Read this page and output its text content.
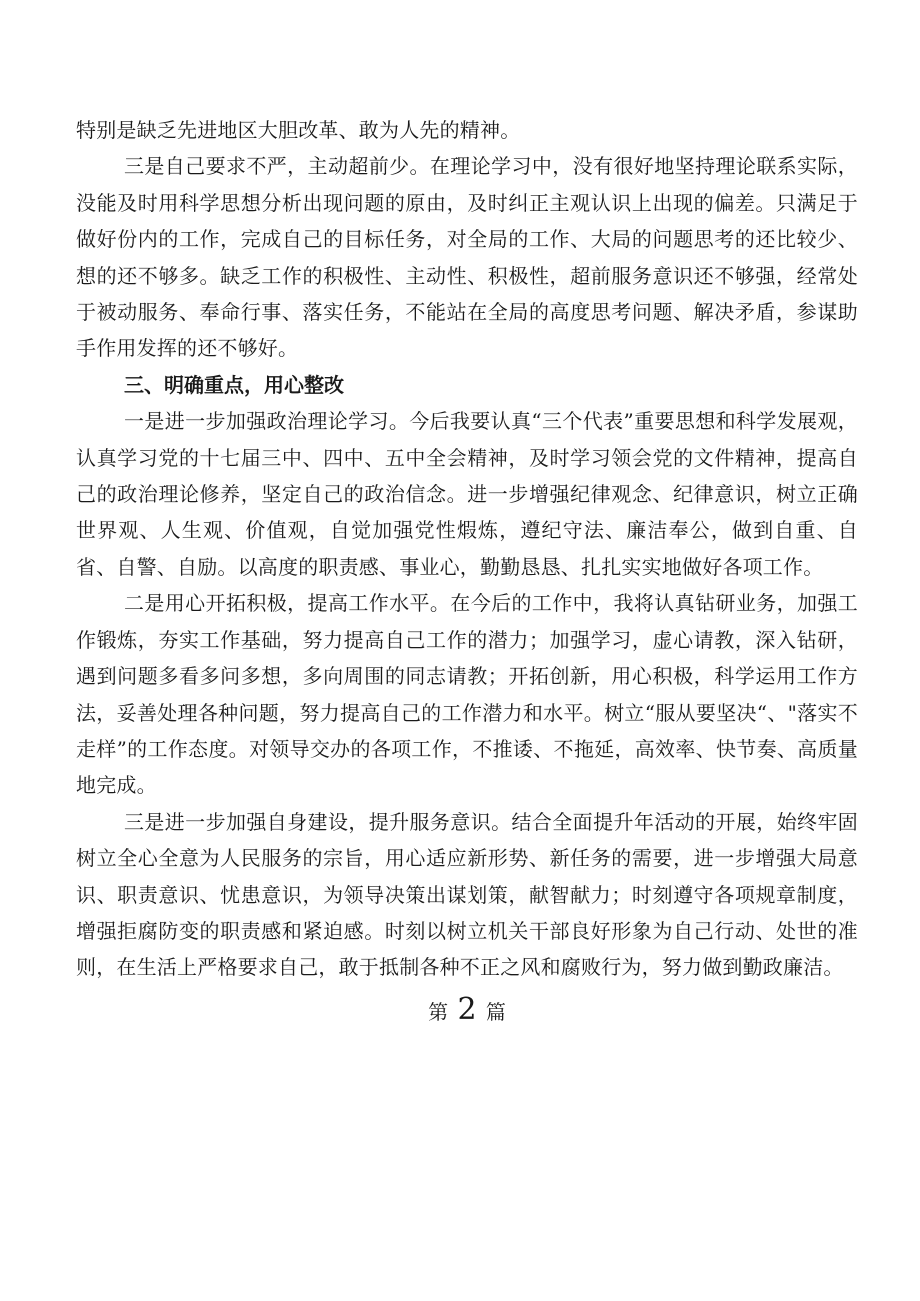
特别是缺乏先进地区大胆改革、敢为人先的精神。

三是自己要求不严，主动超前少。在理论学习中，没有很好地坚持理论联系实际，没能及时用科学思想分析出现问题的原由，及时纠正主观认识上出现的偏差。只满足于做好份内的工作，完成自己的目标任务，对全局的工作、大局的问题思考的还比较少、想的还不够多。缺乏工作的积极性、主动性、积极性，超前服务意识还不够强，经常处于被动服务、奉命行事、落实任务，不能站在全局的高度思考问题、解决矛盾，参谋助手作用发挥的还不够好。

三、明确重点，用心整改

一是进一步加强政治理论学习。今后我要认真“三个代表”重要思想和科学发展观，认真学习党的十七届三中、四中、五中全会精神，及时学习领会党的文件精神，提高自己的政治理论修养，坚定自己的政治信念。进一步增强纪律观念、纪律意识，树立正确世界观、人生观、价值观，自觉加强党性煆炼，遵纪守法、廉洁奉公，做到自重、自省、自警、自励。以高度的职责感、事业心，勤勤恳恳、扎扎实实地做好各项工作。

二是用心开拓积极，提高工作水平。在今后的工作中，我将认真钻研业务，加强工作锻炼，夯实工作基础，努力提高自己工作的潜力；加强学习，虚心请教，深入钻研，遇到问题多看多问多想，多向周围的同志请教；开拓创新，用心积极，科学运用工作方法，妥善处理各种问题，努力提高自己的工作潜力和水平。树立“服从要坚决“、"落实不走样”的工作态度。对领导交办的各项工作，不推诿、不拖延，高效率、快节奏、高质量地完成。

三是进一步加强自身建设，提升服务意识。结合全面提升年活动的开展，始终牢固树立全心全意为人民服务的宗旨，用心适应新形势、新任务的需要，进一步增强大局意识、职责意识、忧患意识，为领导决策出谋划策，献智献力；时刻遵守各项规章制度，增强拒腐防变的职责感和紧迫感。时刻以树立机关干部良好形象为自己行动、处世的准则，在生活上严格要求自己，敢于抵制各种不正之风和腐败行为，努力做到勤政廉洁。

第 2 篇
